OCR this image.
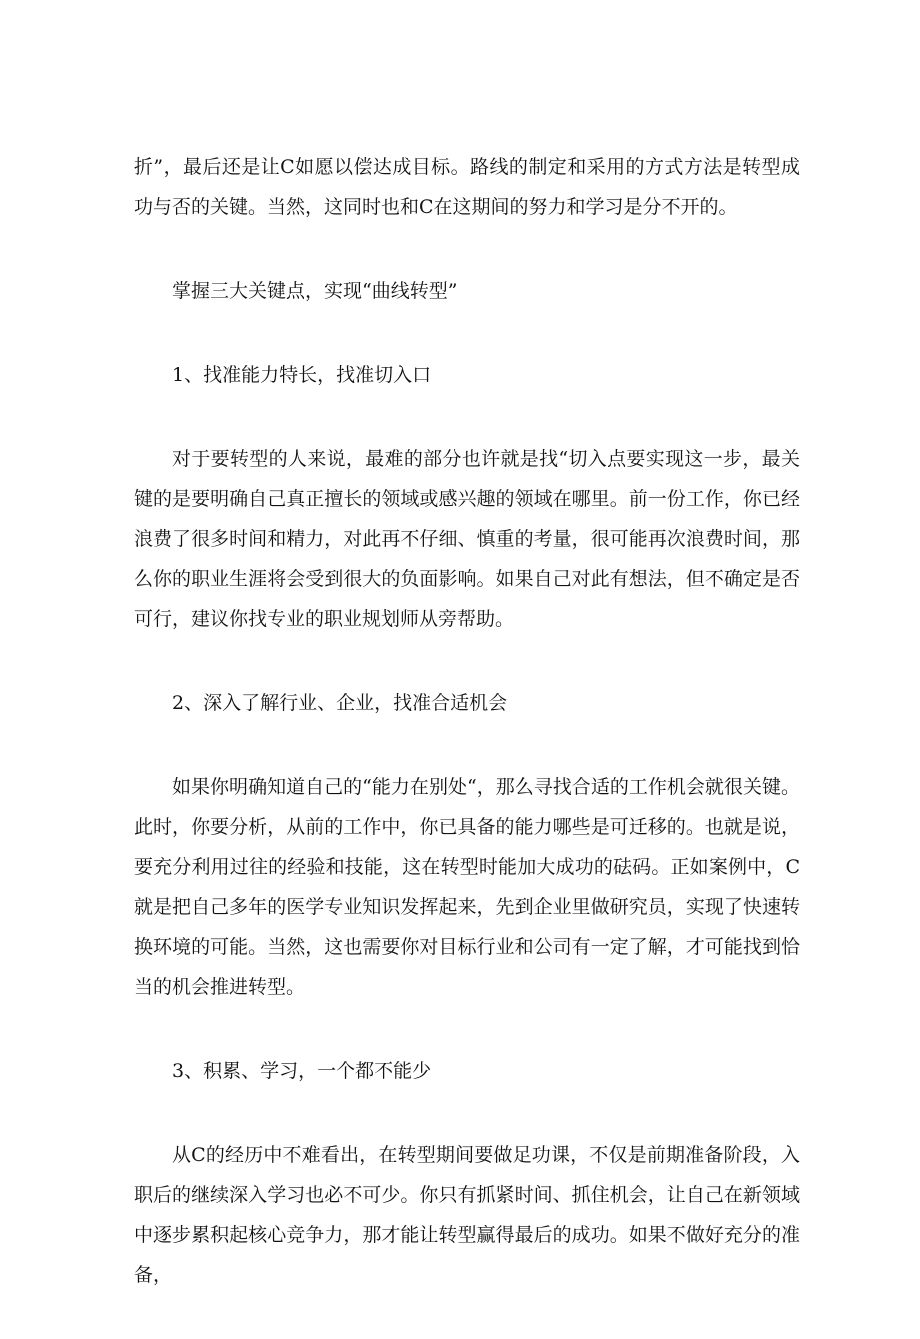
折”，最后还是让C如愿以偿达成目标。路线的制定和采用的方式方法是转型成功与否的关键。当然，这同时也和C在这期间的努力和学习是分不开的。

掌握三大关键点，实现“曲线转型”

1、找准能力特长，找准切入口

对于要转型的人来说，最难的部分也许就是找“切入点要实现这一步，最关键的是要明确自己真正擅长的领域或感兴趣的领域在哪里。前一份工作，你已经浪费了很多时间和精力，对此再不仔细、慎重的考量，很可能再次浪费时间，那么你的职业生涯将会受到很大的负面影响。如果自己对此有想法，但不确定是否可行，建议你找专业的职业规划师从旁帮助。

2、深入了解行业、企业，找准合适机会

如果你明确知道自己的“能力在别处“，那么寻找合适的工作机会就很关键。此时，你要分析，从前的工作中，你已具备的能力哪些是可迁移的。也就是说，要充分利用过往的经验和技能，这在转型时能加大成功的砝码。正如案例中，C就是把自己多年的医学专业知识发挥起来，先到企业里做研究员，实现了快速转换环境的可能。当然，这也需要你对目标行业和公司有一定了解，才可能找到恰当的机会推进转型。

3、积累、学习，一个都不能少

从C的经历中不难看出，在转型期间要做足功课，不仅是前期准备阶段，入职后的继续深入学习也必不可少。你只有抓紧时间、抓住机会，让自己在新领域中逐步累积起核心竞争力，那才能让转型赢得最后的成功。如果不做好充分的准备，
